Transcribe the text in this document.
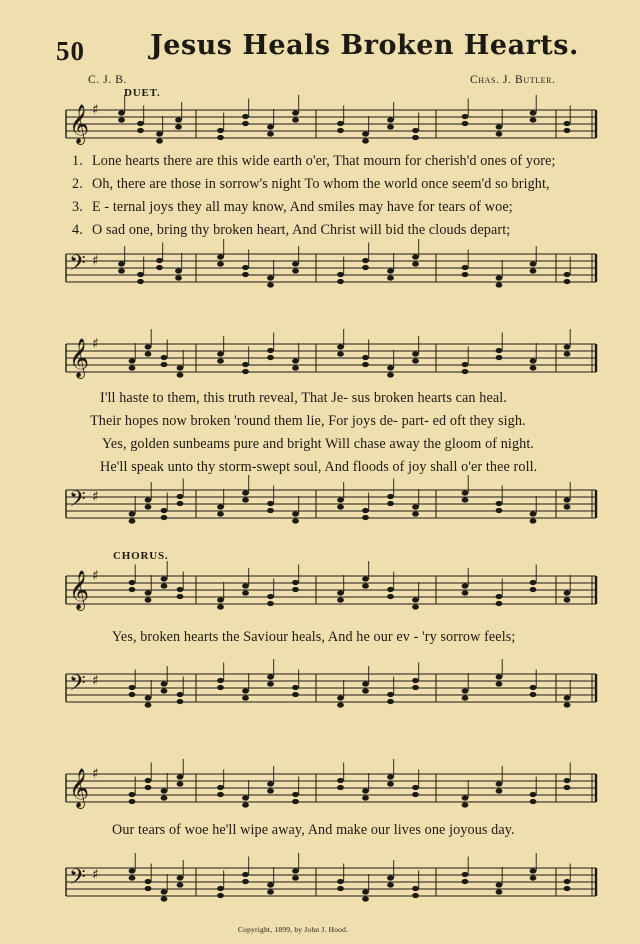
50 Jesus Heals Broken Hearts.
C. J. B.	Chas. J. Butler.
DUET.
𝄞 ♯
1. Lone hearts there are this wide earth o'er, That mourn for cherish'd ones of yore;
2. Oh, there are those in sorrow's night To whom the world once seem'd so bright,
3. E - ternal joys they all may know, And smiles may have for tears of woe;
4. O sad one, bring thy broken heart, And Christ will bid the clouds depart;
𝄢 ♯
𝄞 ♯
I'll haste to them, this truth reveal, That Je- sus broken hearts can heal.
Their hopes now broken 'round them lie, For joys de- part- ed oft they sigh.
Yes, golden sunbeams pure and bright Will chase away the gloom of night.
He'll speak unto thy storm-swept soul, And floods of joy shall o'er thee roll.
𝄢 ♯
CHORUS.
𝄞 ♯
Yes, broken hearts the Saviour heals, And he our ev - 'ry sorrow feels;
𝄢 ♯
𝄞 ♯
Our tears of woe he'll wipe away, And make our lives one joyous day.
𝄢 ♯
Copyright, 1899, by John J. Hood.
